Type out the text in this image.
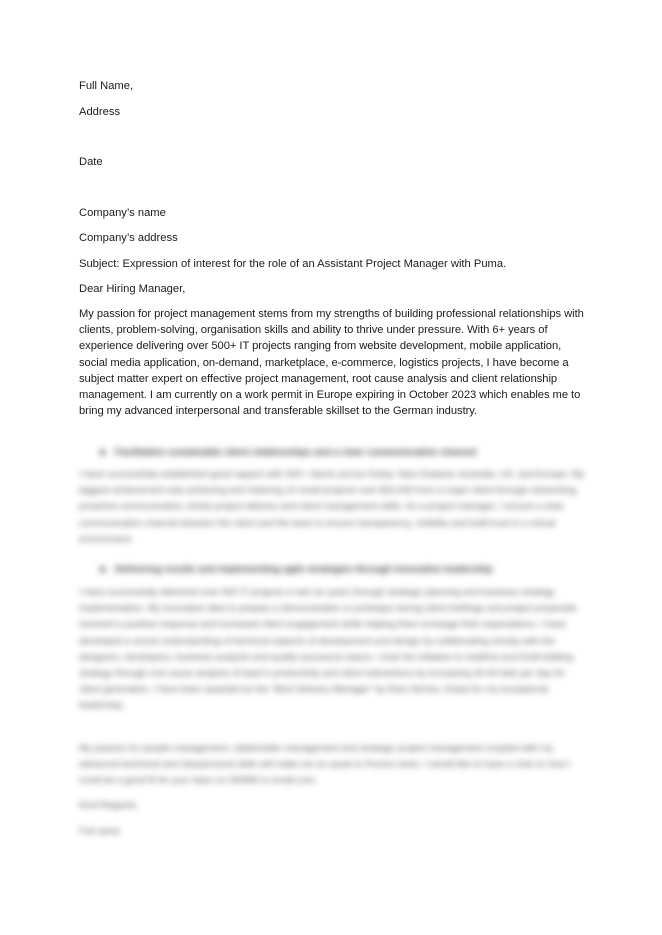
Full Name,
Address
Date
Company’s name
Company’s address
Subject: Expression of interest for the role of an Assistant Project Manager with Puma.
Dear Hiring Manager,
My passion for project management stems from my strengths of building professional relationships with clients, problem-solving, organisation skills and ability to thrive under pressure. With 6+ years of experience delivering over 500+ IT projects ranging from website development, mobile application, social media application, on-demand, marketplace, e-commerce, logistics projects, I have become a subject matter expert on effective project management, root cause analysis and client relationship management. I am currently on a work permit in Europe expiring in October 2023 which enables me to bring my advanced interpersonal and transferable skillset to the German industry.
Facilitation sustainable client relationships and a clear communication channel
I have successfully established good rapport with 300+ clients across Dubai, New Zealand, Australia, US, and Europe. My biggest achievement was achieving and retaining 10 small projects over $20,000 from a major client through networking, proactive communication, timely project delivery and client management skills. As a project manager, I ensure a clear communication channel between the client and the team to ensure transparency, visibility and build trust in a virtual environment.
Delivering results and implementing agile strategies through innovative leadership
I have successfully delivered over 500 IT projects in last six years through strategic planning and business strategy implementation. My innovative idea to prepare a demonstration or prototype during client briefings and project proposals received a positive response and increased client engagement while helping them envisage their expectations. I have developed a sound understanding of technical aspects of development and design by collaborating closely with the designers, developers, business analysts and quality assurance teams. I took the initiative to redefine and Draft bidding strategy through root cause analysis of team's productivity and client interactions by increasing 30-40 bids per day for client generation. I have been awarded as the "Best Delivery Manager" by Rare Niches, Dubai for my exceptional leadership.
My passion for people management, stakeholder management and strategic project management coupled with my advanced technical and interpersonal skills will make me an asset to Puma's team. I would like to have a chat on how I could be a good fit for your team on DDMM or email.com.
Kind Regards,
Full name
